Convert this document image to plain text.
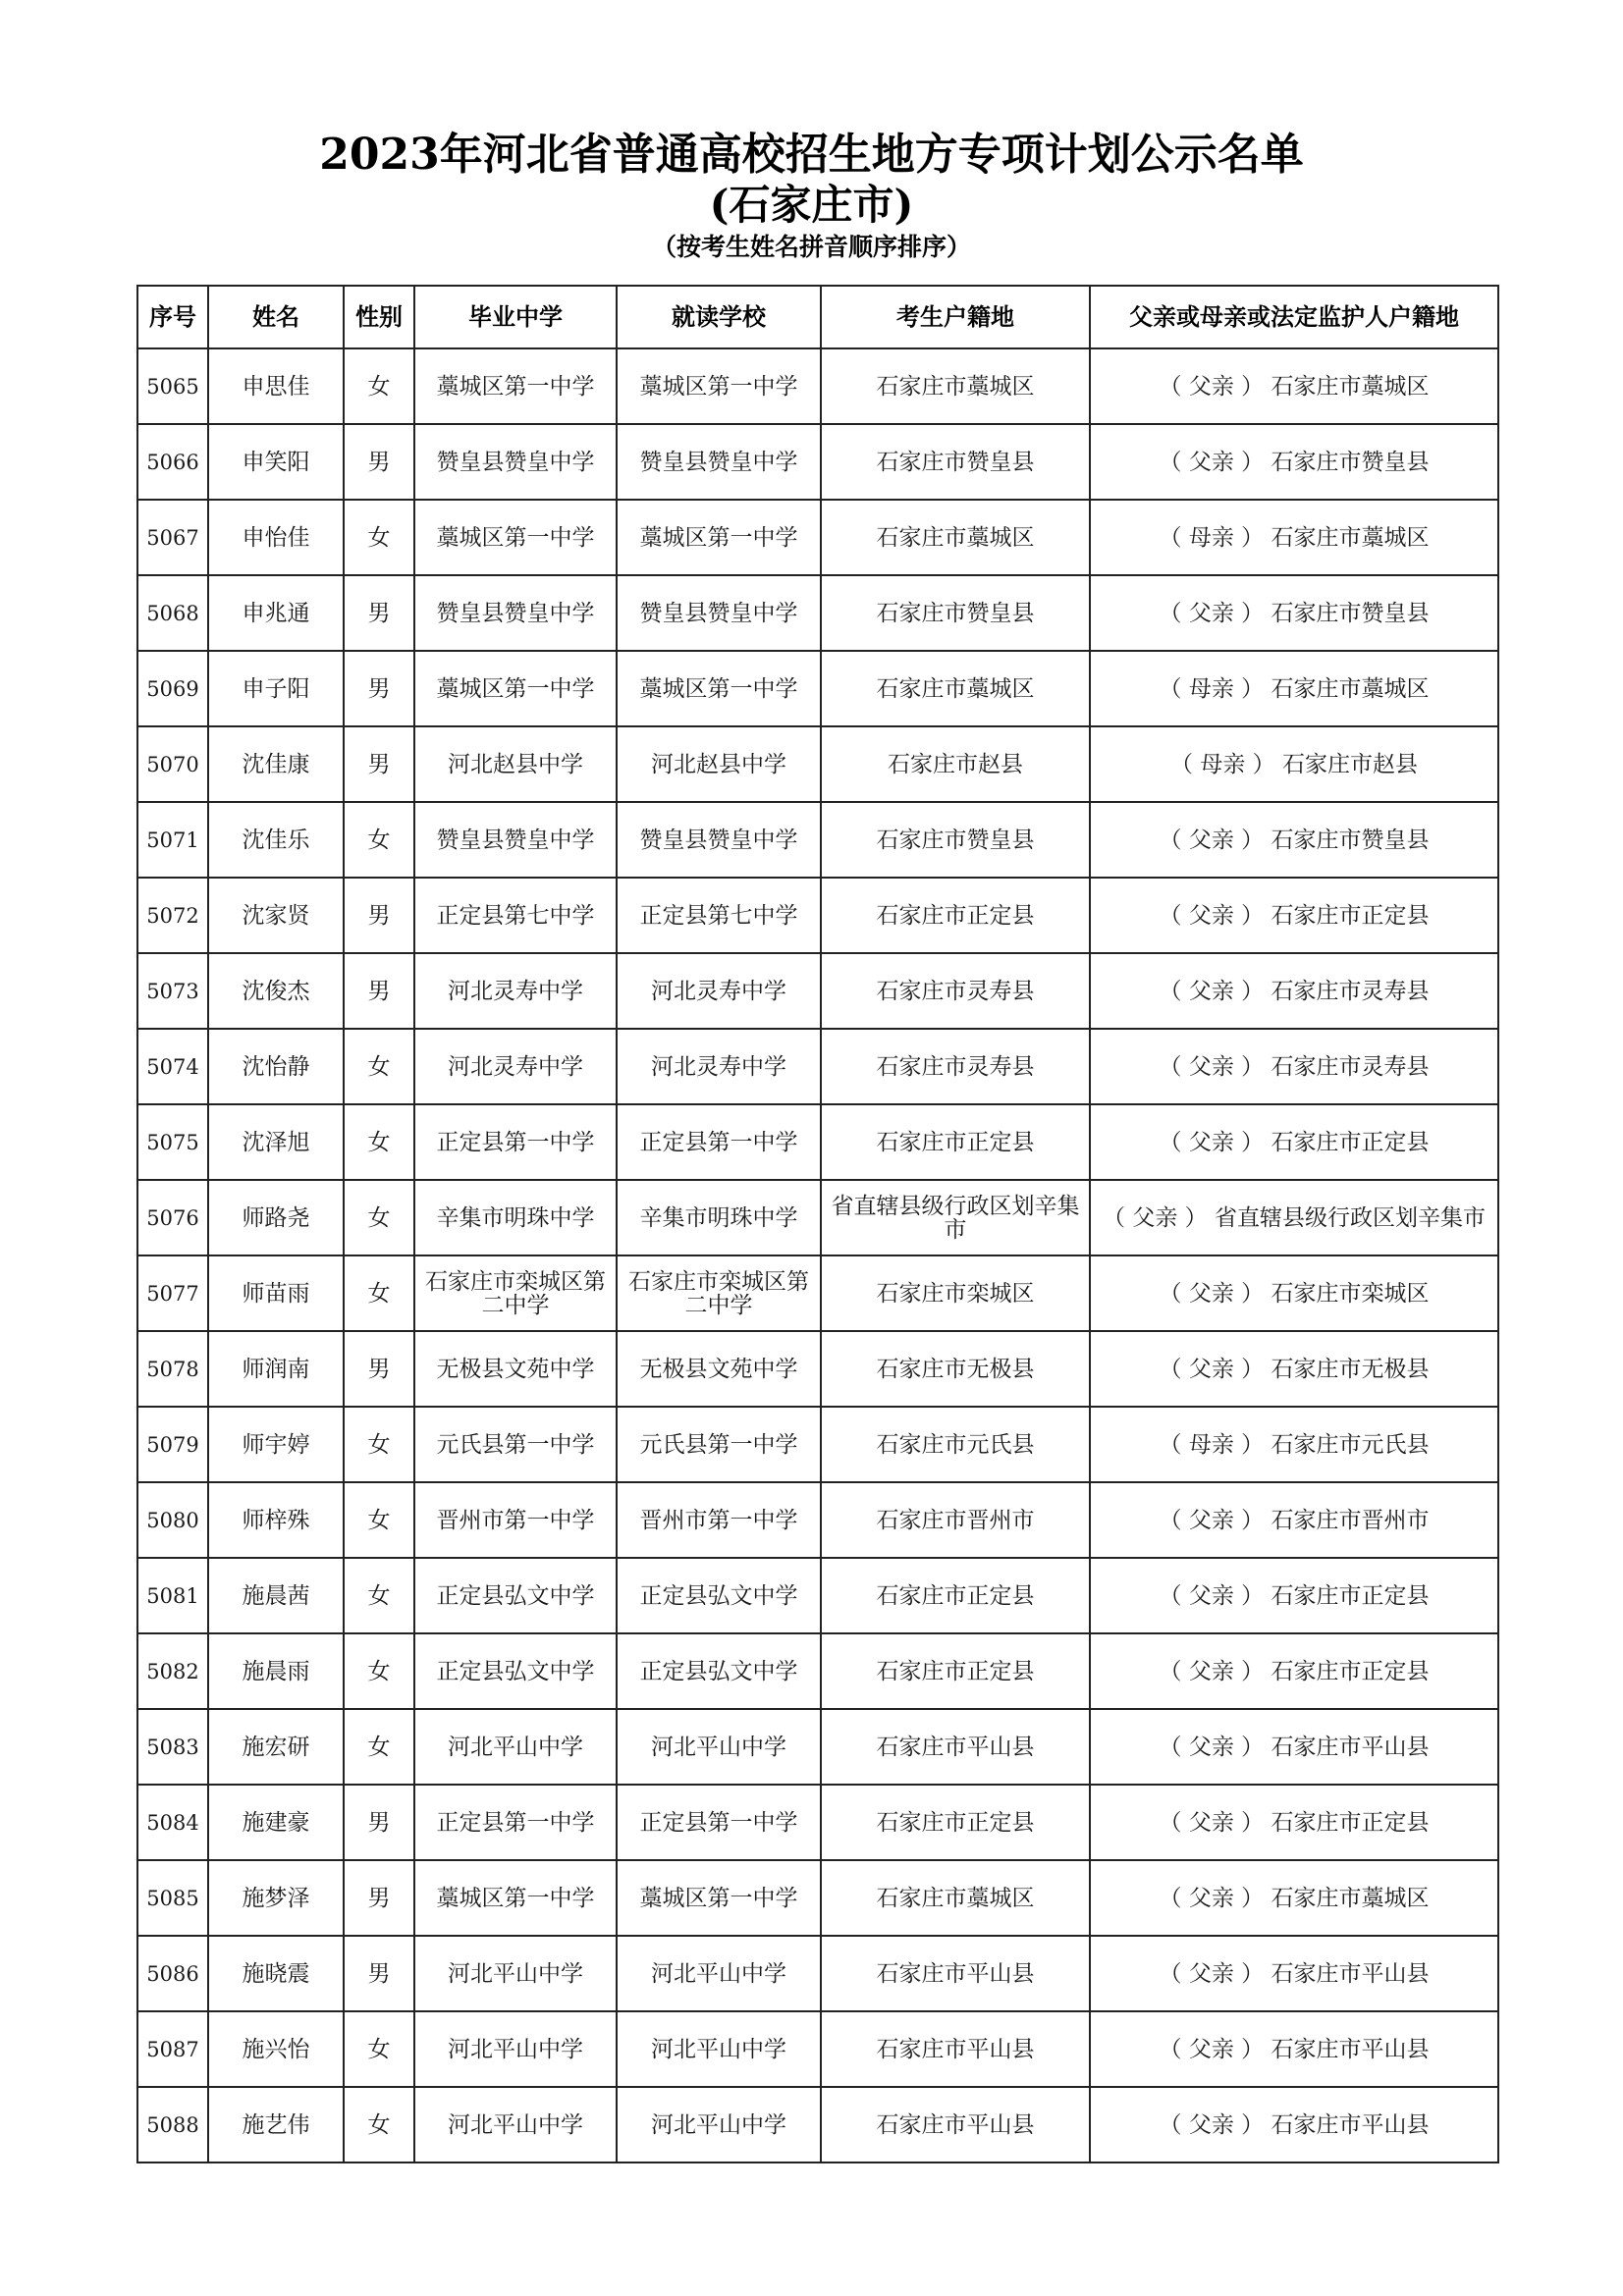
2023年河北省普通高校招生地方专项计划公示名单
(石家庄市)
（按考生姓名拼音顺序排序）
序号	姓名	性别	毕业中学	就读学校	考生户籍地	父亲或母亲或法定监护人户籍地
5065	申思佳	女	藁城区第一中学	藁城区第一中学	石家庄市藁城区	（ 父亲 ） 石家庄市藁城区
5066	申笑阳	男	赞皇县赞皇中学	赞皇县赞皇中学	石家庄市赞皇县	（ 父亲 ） 石家庄市赞皇县
5067	申怡佳	女	藁城区第一中学	藁城区第一中学	石家庄市藁城区	（ 母亲 ） 石家庄市藁城区
5068	申兆通	男	赞皇县赞皇中学	赞皇县赞皇中学	石家庄市赞皇县	（ 父亲 ） 石家庄市赞皇县
5069	申子阳	男	藁城区第一中学	藁城区第一中学	石家庄市藁城区	（ 母亲 ） 石家庄市藁城区
5070	沈佳康	男	河北赵县中学	河北赵县中学	石家庄市赵县	（ 母亲 ） 石家庄市赵县
5071	沈佳乐	女	赞皇县赞皇中学	赞皇县赞皇中学	石家庄市赞皇县	（ 父亲 ） 石家庄市赞皇县
5072	沈家贤	男	正定县第七中学	正定县第七中学	石家庄市正定县	（ 父亲 ） 石家庄市正定县
5073	沈俊杰	男	河北灵寿中学	河北灵寿中学	石家庄市灵寿县	（ 父亲 ） 石家庄市灵寿县
5074	沈怡静	女	河北灵寿中学	河北灵寿中学	石家庄市灵寿县	（ 父亲 ） 石家庄市灵寿县
5075	沈泽旭	女	正定县第一中学	正定县第一中学	石家庄市正定县	（ 父亲 ） 石家庄市正定县
5076	师路尧	女	辛集市明珠中学	辛集市明珠中学	省直辖县级行政区划辛集市	（ 父亲 ） 省直辖县级行政区划辛集市
5077	师苗雨	女	石家庄市栾城区第二中学	石家庄市栾城区第二中学	石家庄市栾城区	（ 父亲 ） 石家庄市栾城区
5078	师润南	男	无极县文苑中学	无极县文苑中学	石家庄市无极县	（ 父亲 ） 石家庄市无极县
5079	师宇婷	女	元氏县第一中学	元氏县第一中学	石家庄市元氏县	（ 母亲 ） 石家庄市元氏县
5080	师梓殊	女	晋州市第一中学	晋州市第一中学	石家庄市晋州市	（ 父亲 ） 石家庄市晋州市
5081	施晨茜	女	正定县弘文中学	正定县弘文中学	石家庄市正定县	（ 父亲 ） 石家庄市正定县
5082	施晨雨	女	正定县弘文中学	正定县弘文中学	石家庄市正定县	（ 父亲 ） 石家庄市正定县
5083	施宏研	女	河北平山中学	河北平山中学	石家庄市平山县	（ 父亲 ） 石家庄市平山县
5084	施建豪	男	正定县第一中学	正定县第一中学	石家庄市正定县	（ 父亲 ） 石家庄市正定县
5085	施梦泽	男	藁城区第一中学	藁城区第一中学	石家庄市藁城区	（ 父亲 ） 石家庄市藁城区
5086	施晓震	男	河北平山中学	河北平山中学	石家庄市平山县	（ 父亲 ） 石家庄市平山县
5087	施兴怡	女	河北平山中学	河北平山中学	石家庄市平山县	（ 父亲 ） 石家庄市平山县
5088	施艺伟	女	河北平山中学	河北平山中学	石家庄市平山县	（ 父亲 ） 石家庄市平山县
